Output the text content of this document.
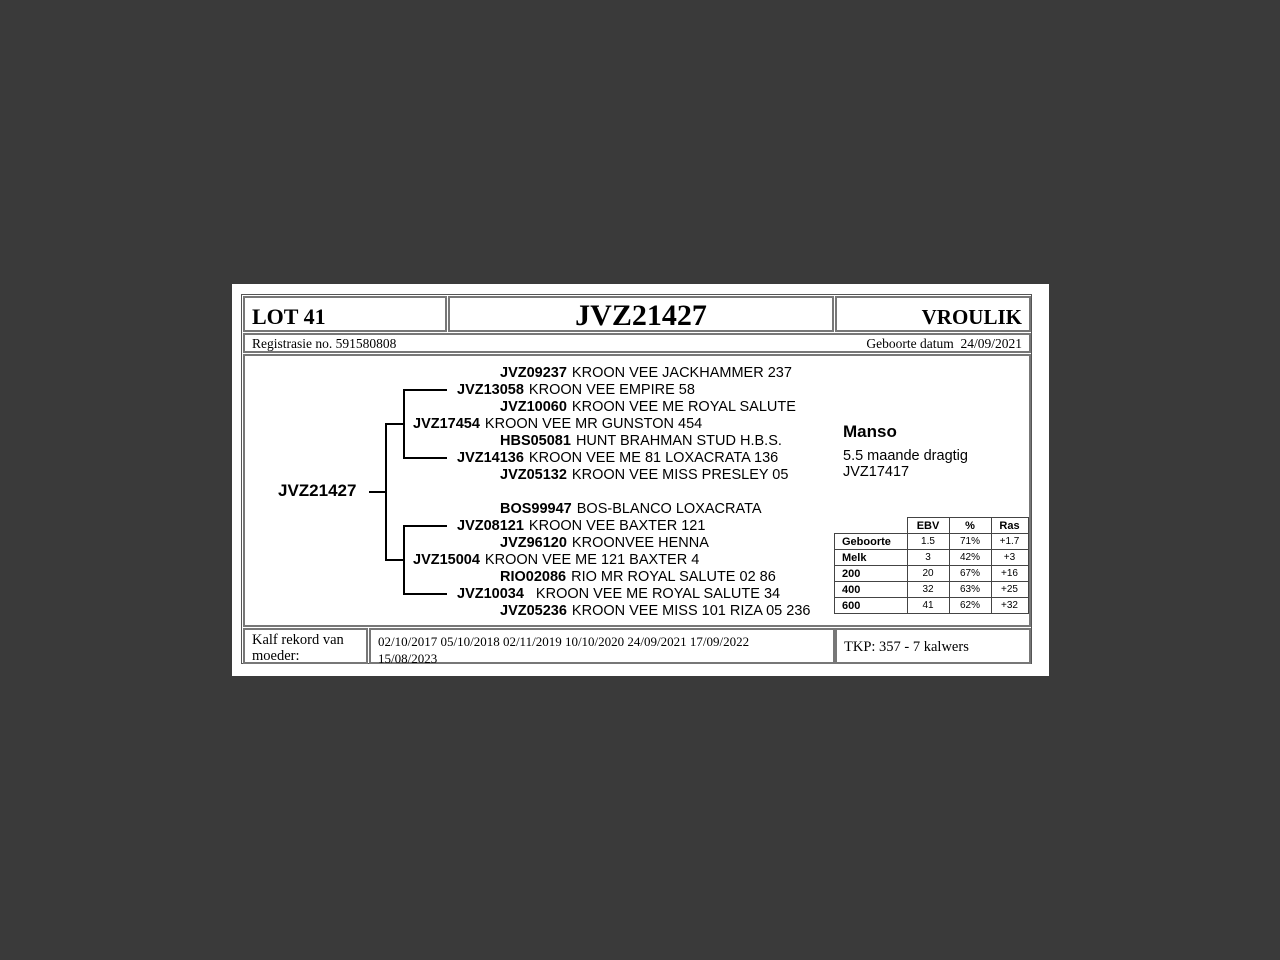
LOT 41	JVZ21427	VROULIK
Registrasie no. 591580808	Geboorte datum 24/09/2021
JVZ21427
JVZ09237 KROON VEE JACKHAMMER 237
JVZ13058 KROON VEE EMPIRE 58
JVZ10060 KROON VEE ME ROYAL SALUTE
JVZ17454 KROON VEE MR GUNSTON 454
HBS05081 HUNT BRAHMAN STUD H.B.S.
JVZ14136 KROON VEE ME 81 LOXACRATA 136
JVZ05132 KROON VEE MISS PRESLEY 05
BOS99947 BOS-BLANCO LOXACRATA
JVZ08121 KROON VEE BAXTER 121
JVZ96120 KROONVEE HENNA
JVZ15004 KROON VEE ME 121 BAXTER 4
RIO02086 RIO MR ROYAL SALUTE 02 86
JVZ10034 KROON VEE ME ROYAL SALUTE 34
JVZ05236 KROON VEE MISS 101 RIZA 05 236
Manso
5.5 maande dragtig
JVZ17417
	EBV	%	Ras
Geboorte	1.5	71%	+1.7
Melk	3	42%	+3
200	20	67%	+16
400	32	63%	+25
600	41	62%	+32
Kalf rekord van moeder:
02/10/2017 05/10/2018 02/11/2019 10/10/2020 24/09/2021 17/09/2022 15/08/2023
TKP: 357 - 7 kalwers
